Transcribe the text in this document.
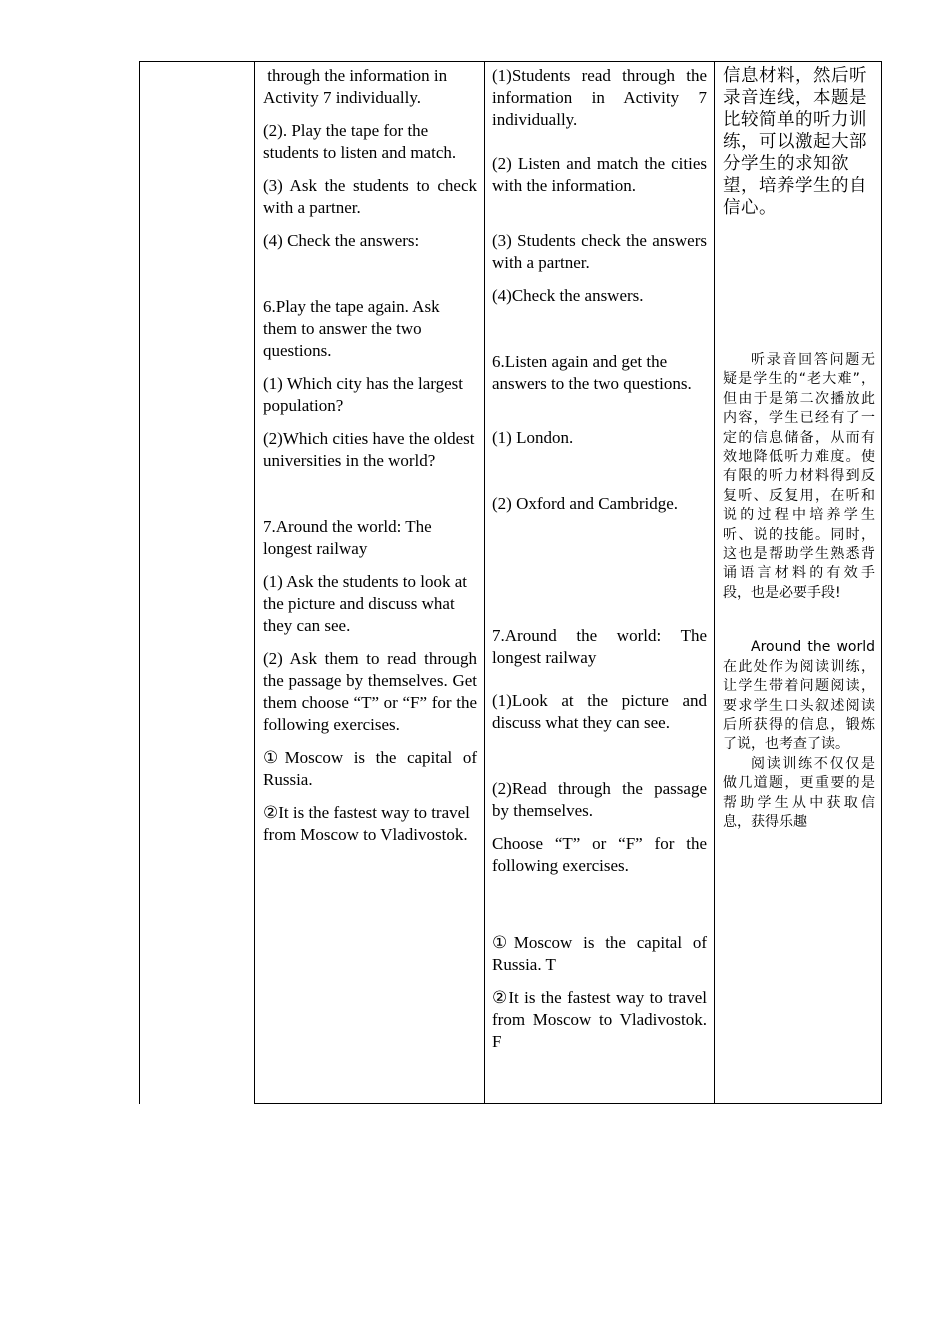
through the information in Activity 7 individually.

(2). Play the tape for the students to listen and match.

(3) Ask the students to check with a partner.

(4) Check the answers:

6.Play the tape again. Ask them to answer the two questions.

(1) Which city has the largest population?

(2)Which cities have the oldest universities in the world?

7.Around the world: The longest railway

(1) Ask the students to look at the picture and discuss what they can see.

(2) Ask them to read through the passage by themselves. Get them choose “T” or “F” for the following exercises.

①Moscow is the capital of Russia.

②It is the fastest way to travel from Moscow to Vladivostok.

(1)Students read through the information in Activity 7 individually.

(2) Listen and match the cities with the information.

(3) Students check the answers with a partner.

(4)Check the answers.

6.Listen again and get the answers to the two questions.

(1) London.

(2) Oxford and Cambridge.

7.Around the world: The longest railway

(1)Look at the picture and discuss what they can see.

(2)Read through the passage by themselves.

Choose “T” or “F” for the following exercises.

①Moscow is the capital of Russia. T

②It is the fastest way to travel from Moscow to Vladivostok. F

信息材料，然后听录音连线，本题是比较简单的听力训练，可以激起大部分学生的求知欲望，培养学生的自信心。

听录音回答问题无疑是学生的“老大难”，但由于是第二次播放此内容，学生已经有了一定的信息储备，从而有效地降低听力难度。使有限的听力材料得到反复听、反复用，在听和说的过程中培养学生听、说的技能。同时，这也是帮助学生熟悉背诵语言材料的有效手段，也是必要手段!

Around the world在此处作为阅读训练，让学生带着问题阅读，要求学生口头叙述阅读后所获得的信息，锻炼了说，也考查了读。

阅读训练不仅仅是做几道题，更重要的是帮助学生从中获取信息，获得乐趣
